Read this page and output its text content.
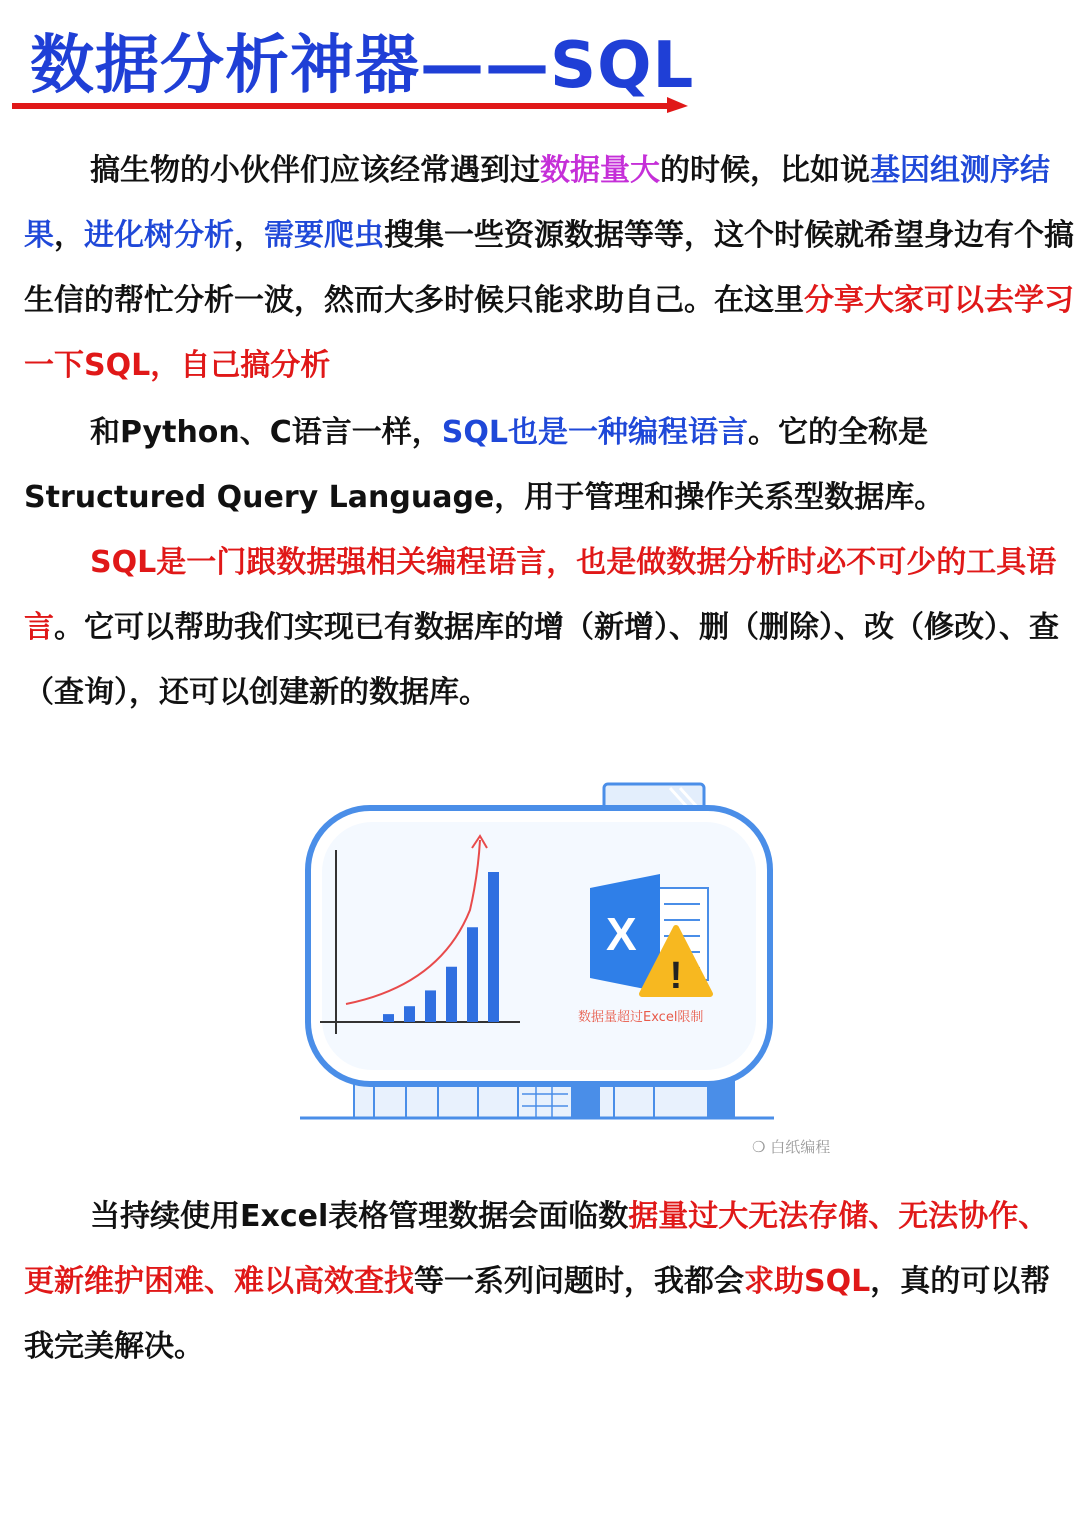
数据分析神器——SQL

搞生物的小伙伴们应该经常遇到过数据量大的时候，比如说基因组测序结果，进化树分析，需要爬虫搜集一些资源数据等等，这个时候就希望身边有个搞生信的帮忙分析一波，然而大多时候只能求助自己。在这里分享大家可以去学习一下SQL，自己搞分析

和Python、C语言一样，SQL也是一种编程语言。它的全称是Structured Query Language，用于管理和操作关系型数据库。

SQL是一门跟数据强相关编程语言，也是做数据分析时必不可少的工具语言。它可以帮助我们实现已有数据库的增（新增）、删（删除）、改（修改）、查（查询），还可以创建新的数据库。

X
!
数据量超过Excel限制
❍ 白纸编程

当持续使用Excel表格管理数据会面临数据量过大无法存储、无法协作、更新维护困难、难以高效查找等一系列问题时，我都会求助SQL，真的可以帮我完美解决。
